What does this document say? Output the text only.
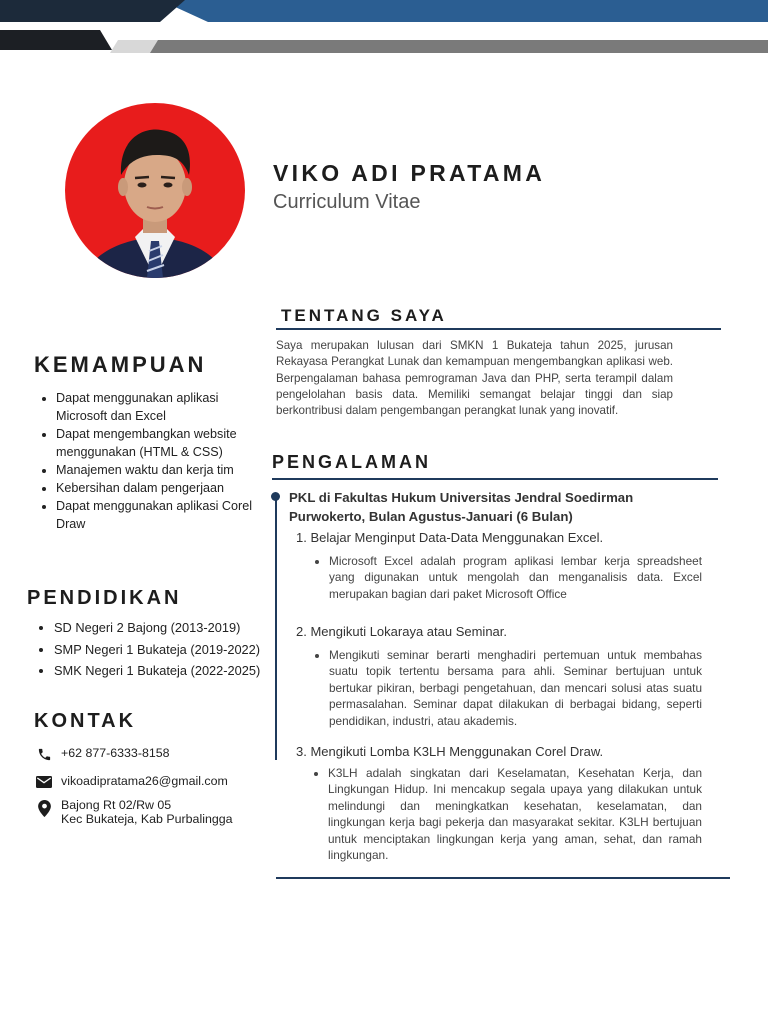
VIKO ADI PRATAMA
Curriculum Vitae
KEMAMPUAN
• Dapat menggunakan aplikasi Microsoft dan Excel
• Dapat mengembangkan website menggunakan (HTML & CSS)
• Manajemen waktu dan kerja tim
• Kebersihan dalam pengerjaan
• Dapat menggunakan aplikasi Corel Draw
PENDIDIKAN
• SD Negeri 2 Bajong (2013-2019)
• SMP Negeri 1 Bukateja (2019-2022)
• SMK Negeri 1 Bukateja (2022-2025)
KONTAK
+62 877-6333-8158
vikoadipratama26@gmail.com
Bajong Rt 02/Rw 05
Kec Bukateja, Kab Purbalingga
TENTANG SAYA

Saya merupakan lulusan dari SMKN 1 Bukateja tahun 2025, jurusan Rekayasa Perangkat Lunak dan kemampuan mengembangkan aplikasi web. Berpengalaman bahasa pemrograman Java dan PHP, serta terampil dalam pengelolahan basis data. Memiliki semangat belajar tinggi dan siap berkontribusi dalam pengembangan perangkat lunak yang inovatif.

PENGALAMAN

PKL di Fakultas Hukum Universitas Jendral Soedirman Purwokerto, Bulan Agustus-Januari (6 Bulan)

1. Belajar Menginput Data-Data Menggunakan Excel.
• Microsoft Excel adalah program aplikasi lembar kerja spreadsheet yang digunakan untuk mengolah dan menganalisis data. Excel merupakan bagian dari paket Microsoft Office
2. Mengikuti Lokaraya atau Seminar.
• Mengikuti seminar berarti menghadiri pertemuan untuk membahas suatu topik tertentu bersama para ahli. Seminar bertujuan untuk bertukar pikiran, berbagi pengetahuan, dan mencari solusi atas suatu permasalahan. Seminar dapat dilakukan di berbagai bidang, seperti pendidikan, industri, atau akademis.
3. Mengikuti Lomba K3LH Menggunakan Corel Draw.
• K3LH adalah singkatan dari Keselamatan, Kesehatan Kerja, dan Lingkungan Hidup. Ini mencakup segala upaya yang dilakukan untuk melindungi dan meningkatkan kesehatan, keselamatan, dan lingkungan kerja bagi pekerja dan masyarakat sekitar. K3LH bertujuan untuk menciptakan lingkungan kerja yang aman, sehat, dan ramah lingkungan.
